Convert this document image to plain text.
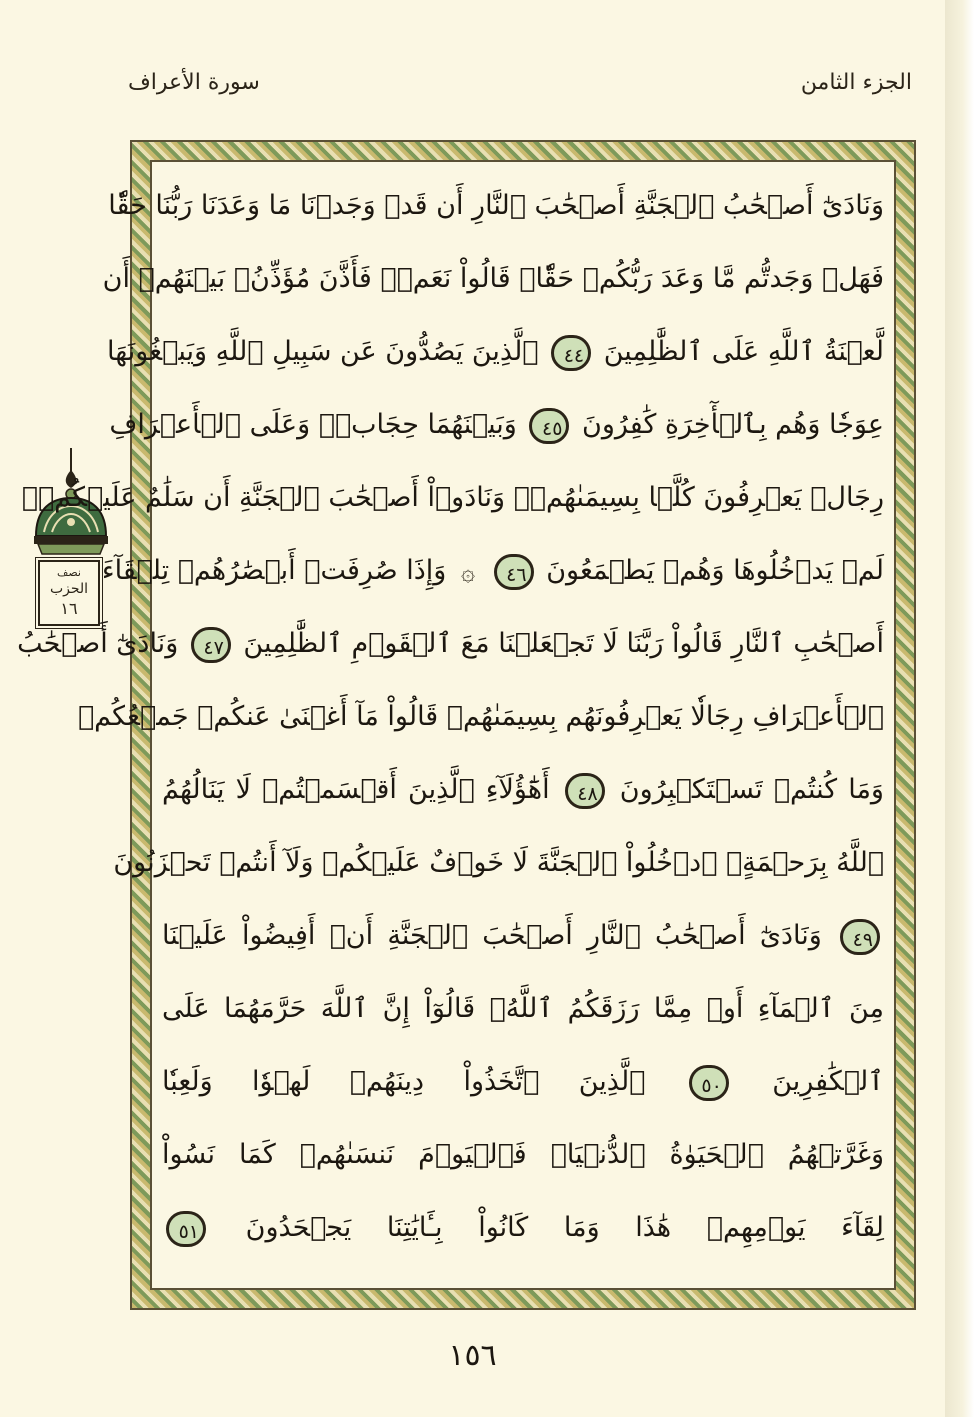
سورة الأعراف	الجزء الثامن
نصف
الحزب
١٦
وَنَادَىٰٓ أَصۡحَٰبُ ٱلۡجَنَّةِ أَصۡحَٰبَ ٱلنَّارِ أَن قَدۡ وَجَدۡنَا مَا وَعَدَنَا رَبُّنَا حَقّٗا
فَهَلۡ وَجَدتُّم مَّا وَعَدَ رَبُّكُمۡ حَقّٗاۖ قَالُواْ نَعَمۡۚ فَأَذَّنَ مُؤَذِّنُۢ بَيۡنَهُمۡ أَن
لَّعۡنَةُ ٱللَّهِ عَلَى ٱلظَّٰلِمِينَ ٤٤ ٱلَّذِينَ يَصُدُّونَ عَن سَبِيلِ ٱللَّهِ وَيَبۡغُونَهَا
عِوَجٗا وَهُم بِٱلۡأٓخِرَةِ كَٰفِرُونَ ٤٥ وَبَيۡنَهُمَا حِجَابٞۚ وَعَلَى ٱلۡأَعۡرَافِ
رِجَالٞ يَعۡرِفُونَ كُلَّۢا بِسِيمَىٰهُمۡۚ وَنَادَوۡاْ أَصۡحَٰبَ ٱلۡجَنَّةِ أَن سَلَٰمٌ عَلَيۡكُمۡۚ
لَمۡ يَدۡخُلُوهَا وَهُمۡ يَطۡمَعُونَ ٤٦ ۞ وَإِذَا صُرِفَتۡ أَبۡصَٰرُهُمۡ تِلۡقَآءَ
أَصۡحَٰبِ ٱلنَّارِ قَالُواْ رَبَّنَا لَا تَجۡعَلۡنَا مَعَ ٱلۡقَوۡمِ ٱلظَّٰلِمِينَ ٤٧ وَنَادَىٰٓ أَصۡحَٰبُ
ٱلۡأَعۡرَافِ رِجَالٗا يَعۡرِفُونَهُم بِسِيمَىٰهُمۡ قَالُواْ مَآ أَغۡنَىٰ عَنكُمۡ جَمۡعُكُمۡ
وَمَا كُنتُمۡ تَسۡتَكۡبِرُونَ ٤٨ أَهَٰٓؤُلَآءِ ٱلَّذِينَ أَقۡسَمۡتُمۡ لَا يَنَالُهُمُ
ٱللَّهُ بِرَحۡمَةٍۚ ٱدۡخُلُواْ ٱلۡجَنَّةَ لَا خَوۡفٌ عَلَيۡكُمۡ وَلَآ أَنتُمۡ تَحۡزَنُونَ
٤٩ وَنَادَىٰٓ أَصۡحَٰبُ ٱلنَّارِ أَصۡحَٰبَ ٱلۡجَنَّةِ أَنۡ أَفِيضُواْ عَلَيۡنَا
مِنَ ٱلۡمَآءِ أَوۡ مِمَّا رَزَقَكُمُ ٱللَّهُۚ قَالُوٓاْ إِنَّ ٱللَّهَ حَرَّمَهُمَا عَلَى
ٱلۡكَٰفِرِينَ ٥٠ ٱلَّذِينَ ٱتَّخَذُواْ دِينَهُمۡ لَهۡوٗا وَلَعِبٗا
وَغَرَّتۡهُمُ ٱلۡحَيَوٰةُ ٱلدُّنۡيَاۚ فَٱلۡيَوۡمَ نَنسَىٰهُمۡ كَمَا نَسُواْ
لِقَآءَ يَوۡمِهِمۡ هَٰذَا وَمَا كَانُواْ بِـَٔايَٰتِنَا يَجۡحَدُونَ ٥١
١٥٦
